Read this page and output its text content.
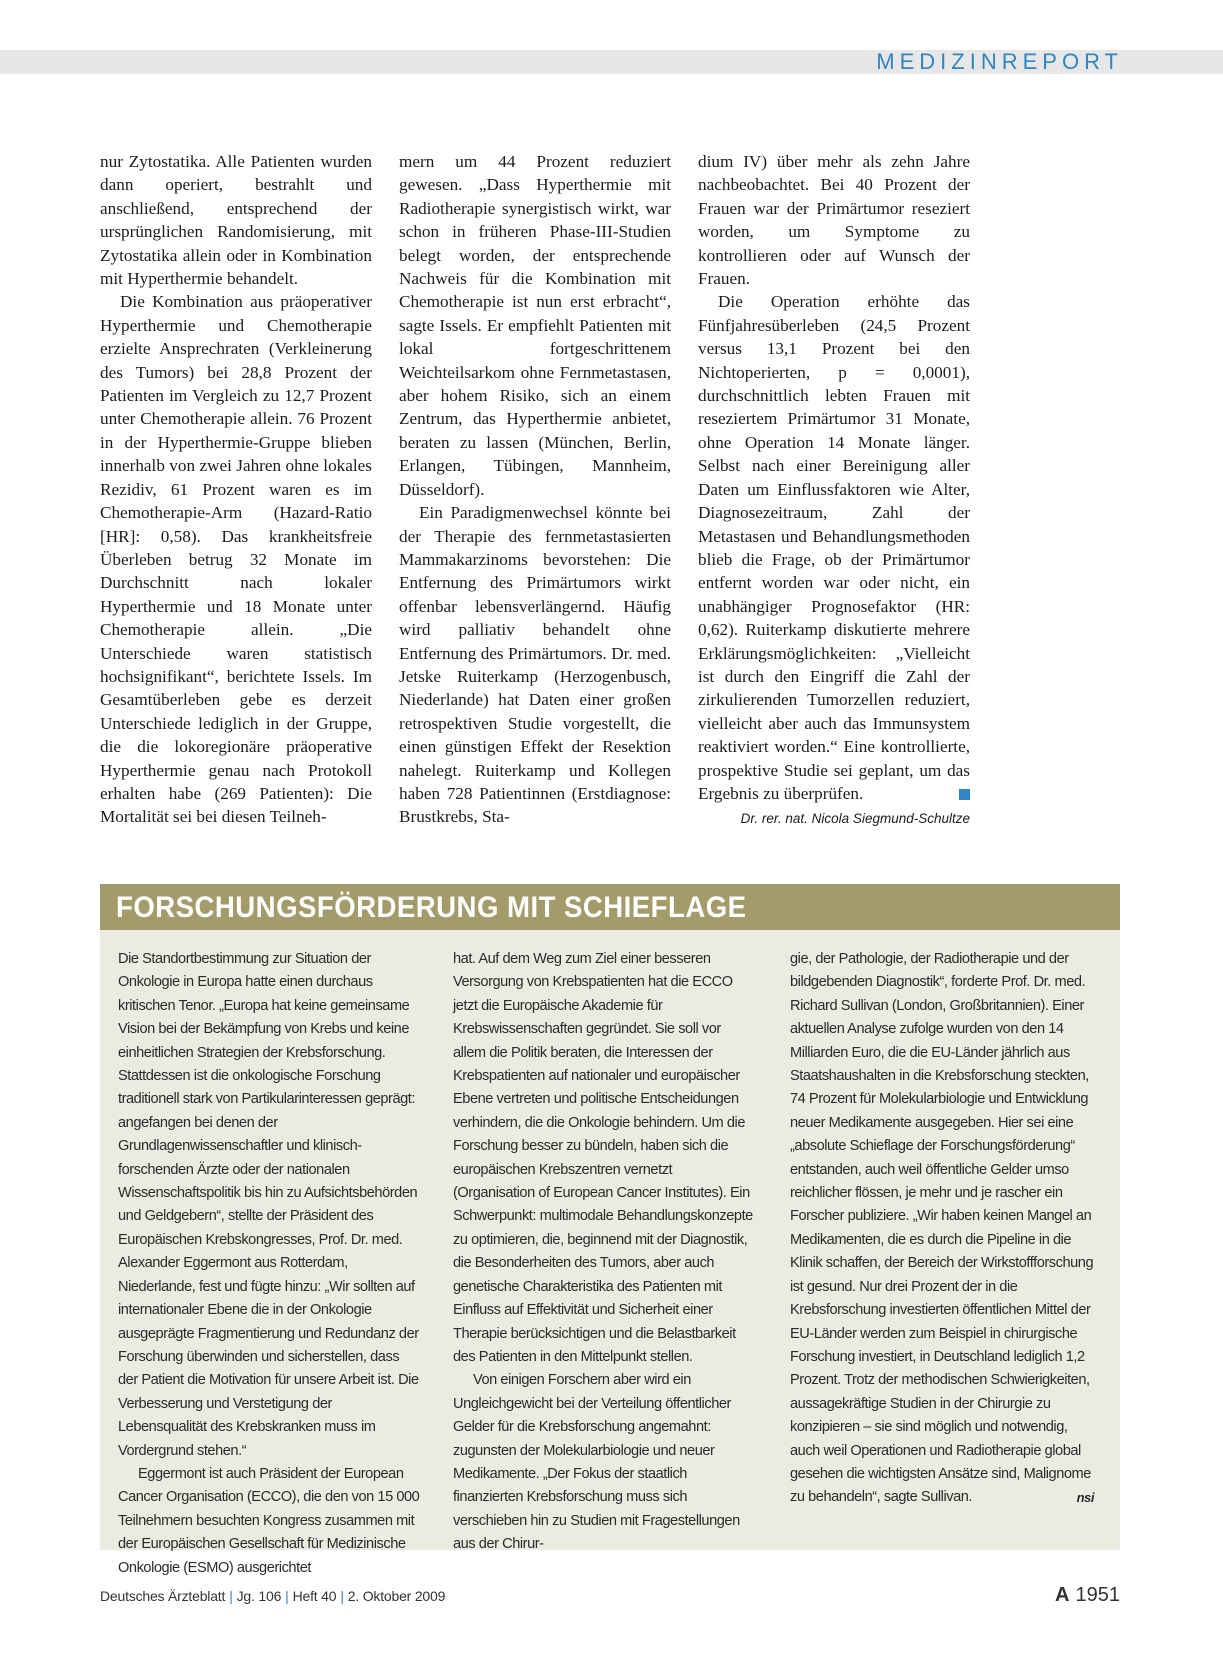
MEDIZINREPORT

nur Zytostatika. Alle Patienten wurden dann operiert, bestrahlt und anschließend, entsprechend der ursprünglichen Randomisierung, mit Zytostatika allein oder in Kombination mit Hyperthermie behandelt.

Die Kombination aus präoperativer Hyperthermie und Chemotherapie erzielte Ansprechraten (Verkleinerung des Tumors) bei 28,8 Prozent der Patienten im Vergleich zu 12,7 Prozent unter Chemotherapie allein. 76 Prozent in der Hyperthermie-Gruppe blieben innerhalb von zwei Jahren ohne lokales Rezidiv, 61 Prozent waren es im Chemotherapie-Arm (Hazard-Ratio [HR]: 0,58). Das krankheitsfreie Überleben betrug 32 Monate im Durchschnitt nach lokaler Hyperthermie und 18 Monate unter Chemotherapie allein. „Die Unterschiede waren statistisch hochsignifikant“, berichtete Issels. Im Gesamtüberleben gebe es derzeit Unterschiede lediglich in der Gruppe, die die lokoregionäre präoperative Hyperthermie genau nach Protokoll erhalten habe (269 Patienten): Die Mortalität sei bei diesen Teilneh-

mern um 44 Prozent reduziert gewesen. „Dass Hyperthermie mit Radiotherapie synergistisch wirkt, war schon in früheren Phase-III-Studien belegt worden, der entsprechende Nachweis für die Kombination mit Chemotherapie ist nun erst erbracht“, sagte Issels. Er empfiehlt Patienten mit lokal fortgeschrittenem Weichteilsarkom ohne Fernmetastasen, aber hohem Risiko, sich an einem Zentrum, das Hyperthermie anbietet, beraten zu lassen (München, Berlin, Erlangen, Tübingen, Mannheim, Düsseldorf).

Ein Paradigmenwechsel könnte bei der Therapie des fernmetastasierten Mammakarzinoms bevorstehen: Die Entfernung des Primärtumors wirkt offenbar lebensverlängernd. Häufig wird palliativ behandelt ohne Entfernung des Primärtumors. Dr. med. Jetske Ruiterkamp (Herzogenbusch, Niederlande) hat Daten einer großen retrospektiven Studie vorgestellt, die einen günstigen Effekt der Resektion nahelegt. Ruiterkamp und Kollegen haben 728 Patientinnen (Erstdiagnose: Brustkrebs, Sta-

dium IV) über mehr als zehn Jahre nachbeobachtet. Bei 40 Prozent der Frauen war der Primärtumor reseziert worden, um Symptome zu kontrollieren oder auf Wunsch der Frauen.

Die Operation erhöhte das Fünfjahresüberleben (24,5 Prozent versus 13,1 Prozent bei den Nichtoperierten, p = 0,0001), durchschnittlich lebten Frauen mit reseziertem Primärtumor 31 Monate, ohne Operation 14 Monate länger. Selbst nach einer Bereinigung aller Daten um Einflussfaktoren wie Alter, Diagnosezeitraum, Zahl der Metastasen und Behandlungsmethoden blieb die Frage, ob der Primärtumor entfernt worden war oder nicht, ein unabhängiger Prognosefaktor (HR: 0,62). Ruiterkamp diskutierte mehrere Erklärungsmöglichkeiten: „Vielleicht ist durch den Eingriff die Zahl der zirkulierenden Tumorzellen reduziert, vielleicht aber auch das Immunsystem reaktiviert worden.“ Eine kontrollierte, prospektive Studie sei geplant, um das Ergebnis zu überprüfen.

Dr. rer. nat. Nicola Siegmund-Schultze
FORSCHUNGSFÖRDERUNG MIT SCHIEFLAGE

Die Standortbestimmung zur Situation der Onkologie in Europa hatte einen durchaus kritischen Tenor. „Europa hat keine gemeinsame Vision bei der Bekämpfung von Krebs und keine einheitlichen Strategien der Krebsforschung. Stattdessen ist die onkologische Forschung traditionell stark von Partikularinteressen geprägt: angefangen bei denen der Grundlagenwissenschaftler und klinisch-forschenden Ärzte oder der nationalen Wissenschaftspolitik bis hin zu Aufsichtsbehörden und Geldgebern“, stellte der Präsident des Europäischen Krebskongresses, Prof. Dr. med. Alexander Eggermont aus Rotterdam, Niederlande, fest und fügte hinzu: „Wir sollten auf internationaler Ebene die in der Onkologie ausgeprägte Fragmentierung und Redundanz der Forschung überwinden und sicherstellen, dass der Patient die Motivation für unsere Arbeit ist. Die Verbesserung und Verstetigung der Lebensqualität des Krebskranken muss im Vordergrund stehen.“

Eggermont ist auch Präsident der European Cancer Organisation (ECCO), die den von 15 000 Teilnehmern besuchten Kongress zusammen mit der Europäischen Gesellschaft für Medizinische Onkologie (ESMO) ausgerichtet

hat. Auf dem Weg zum Ziel einer besseren Versorgung von Krebspatienten hat die ECCO jetzt die Europäische Akademie für Krebswissenschaften gegründet. Sie soll vor allem die Politik beraten, die Interessen der Krebspatienten auf nationaler und europäischer Ebene vertreten und politische Entscheidungen verhindern, die die Onkologie behindern. Um die Forschung besser zu bündeln, haben sich die europäischen Krebszentren vernetzt (Organisation of European Cancer Institutes). Ein Schwerpunkt: multimodale Behandlungskonzepte zu optimieren, die, beginnend mit der Diagnostik, die Besonderheiten des Tumors, aber auch genetische Charakteristika des Patienten mit Einfluss auf Effektivität und Sicherheit einer Therapie berücksichtigen und die Belastbarkeit des Patienten in den Mittelpunkt stellen.

Von einigen Forschern aber wird ein Ungleichgewicht bei der Verteilung öffentlicher Gelder für die Krebsforschung angemahnt: zugunsten der Molekularbiologie und neuer Medikamente. „Der Fokus der staatlich finanzierten Krebsforschung muss sich verschieben hin zu Studien mit Fragestellungen aus der Chirur-

gie, der Pathologie, der Radiotherapie und der bildgebenden Diagnostik“, forderte Prof. Dr. med. Richard Sullivan (London, Großbritannien). Einer aktuellen Analyse zufolge wurden von den 14 Milliarden Euro, die die EU-Länder jährlich aus Staatshaushalten in die Krebsforschung steckten, 74 Prozent für Molekularbiologie und Entwicklung neuer Medikamente ausgegeben. Hier sei eine „absolute Schieflage der Forschungsförderung“ entstanden, auch weil öffentliche Gelder umso reichlicher flössen, je mehr und je rascher ein Forscher publiziere. „Wir haben keinen Mangel an Medikamenten, die es durch die Pipeline in die Klinik schaffen, der Bereich der Wirkstoffforschung ist gesund. Nur drei Prozent der in die Krebsforschung investierten öffentlichen Mittel der EU-Länder werden zum Beispiel in chirurgische Forschung investiert, in Deutschland lediglich 1,2 Prozent. Trotz der methodischen Schwierigkeiten, aussagekräftige Studien in der Chirurgie zu konzipieren – sie sind möglich und notwendig, auch weil Operationen und Radiotherapie global gesehen die wichtigsten Ansätze sind, Malignome zu behandeln“, sagte Sullivan.	nsi

Deutsches Ärzteblatt | Jg. 106 | Heft 40 | 2. Oktober 2009	A 1951
